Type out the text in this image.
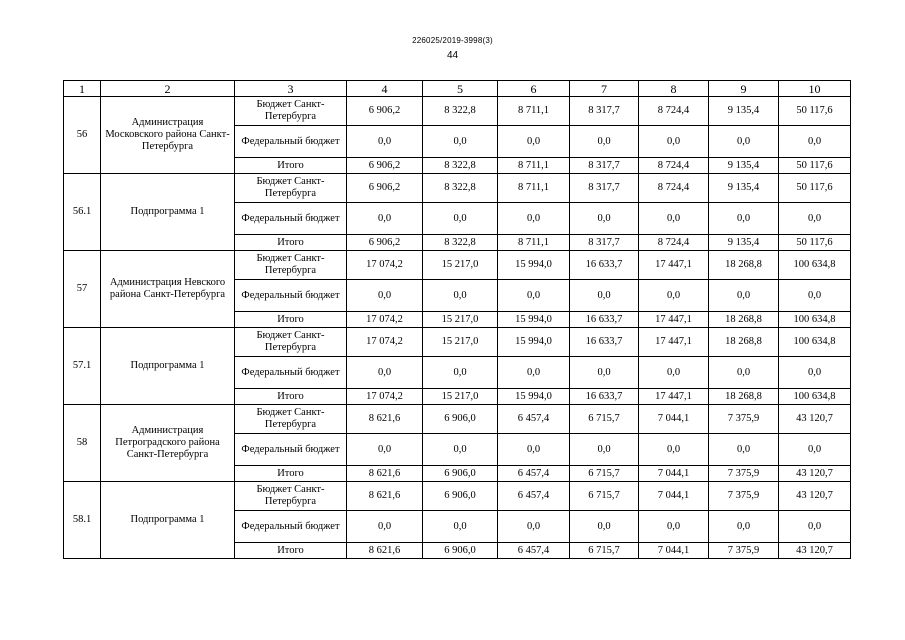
226025/2019-3998(3)
44
1	2	3	4	5	6	7	8	9	10
56	Администрация Московского района Санкт-Петербурга	Бюджет Санкт-Петербурга	6 906,2	8 322,8	8 711,1	8 317,7	8 724,4	9 135,4	50 117,6
		Федеральный бюджет	0,0	0,0	0,0	0,0	0,0	0,0	0,0
		Итого	6 906,2	8 322,8	8 711,1	8 317,7	8 724,4	9 135,4	50 117,6
56.1	Подпрограмма 1	Бюджет Санкт-Петербурга	6 906,2	8 322,8	8 711,1	8 317,7	8 724,4	9 135,4	50 117,6
		Федеральный бюджет	0,0	0,0	0,0	0,0	0,0	0,0	0,0
		Итого	6 906,2	8 322,8	8 711,1	8 317,7	8 724,4	9 135,4	50 117,6
57	Администрация Невского района Санкт-Петербурга	Бюджет Санкт-Петербурга	17 074,2	15 217,0	15 994,0	16 633,7	17 447,1	18 268,8	100 634,8
		Федеральный бюджет	0,0	0,0	0,0	0,0	0,0	0,0	0,0
		Итого	17 074,2	15 217,0	15 994,0	16 633,7	17 447,1	18 268,8	100 634,8
57.1	Подпрограмма 1	Бюджет Санкт-Петербурга	17 074,2	15 217,0	15 994,0	16 633,7	17 447,1	18 268,8	100 634,8
		Федеральный бюджет	0,0	0,0	0,0	0,0	0,0	0,0	0,0
		Итого	17 074,2	15 217,0	15 994,0	16 633,7	17 447,1	18 268,8	100 634,8
58	Администрация Петроградского района Санкт-Петербурга	Бюджет Санкт-Петербурга	8 621,6	6 906,0	6 457,4	6 715,7	7 044,1	7 375,9	43 120,7
		Федеральный бюджет	0,0	0,0	0,0	0,0	0,0	0,0	0,0
		Итого	8 621,6	6 906,0	6 457,4	6 715,7	7 044,1	7 375,9	43 120,7
58.1	Подпрограмма 1	Бюджет Санкт-Петербурга	8 621,6	6 906,0	6 457,4	6 715,7	7 044,1	7 375,9	43 120,7
		Федеральный бюджет	0,0	0,0	0,0	0,0	0,0	0,0	0,0
		Итого	8 621,6	6 906,0	6 457,4	6 715,7	7 044,1	7 375,9	43 120,7
